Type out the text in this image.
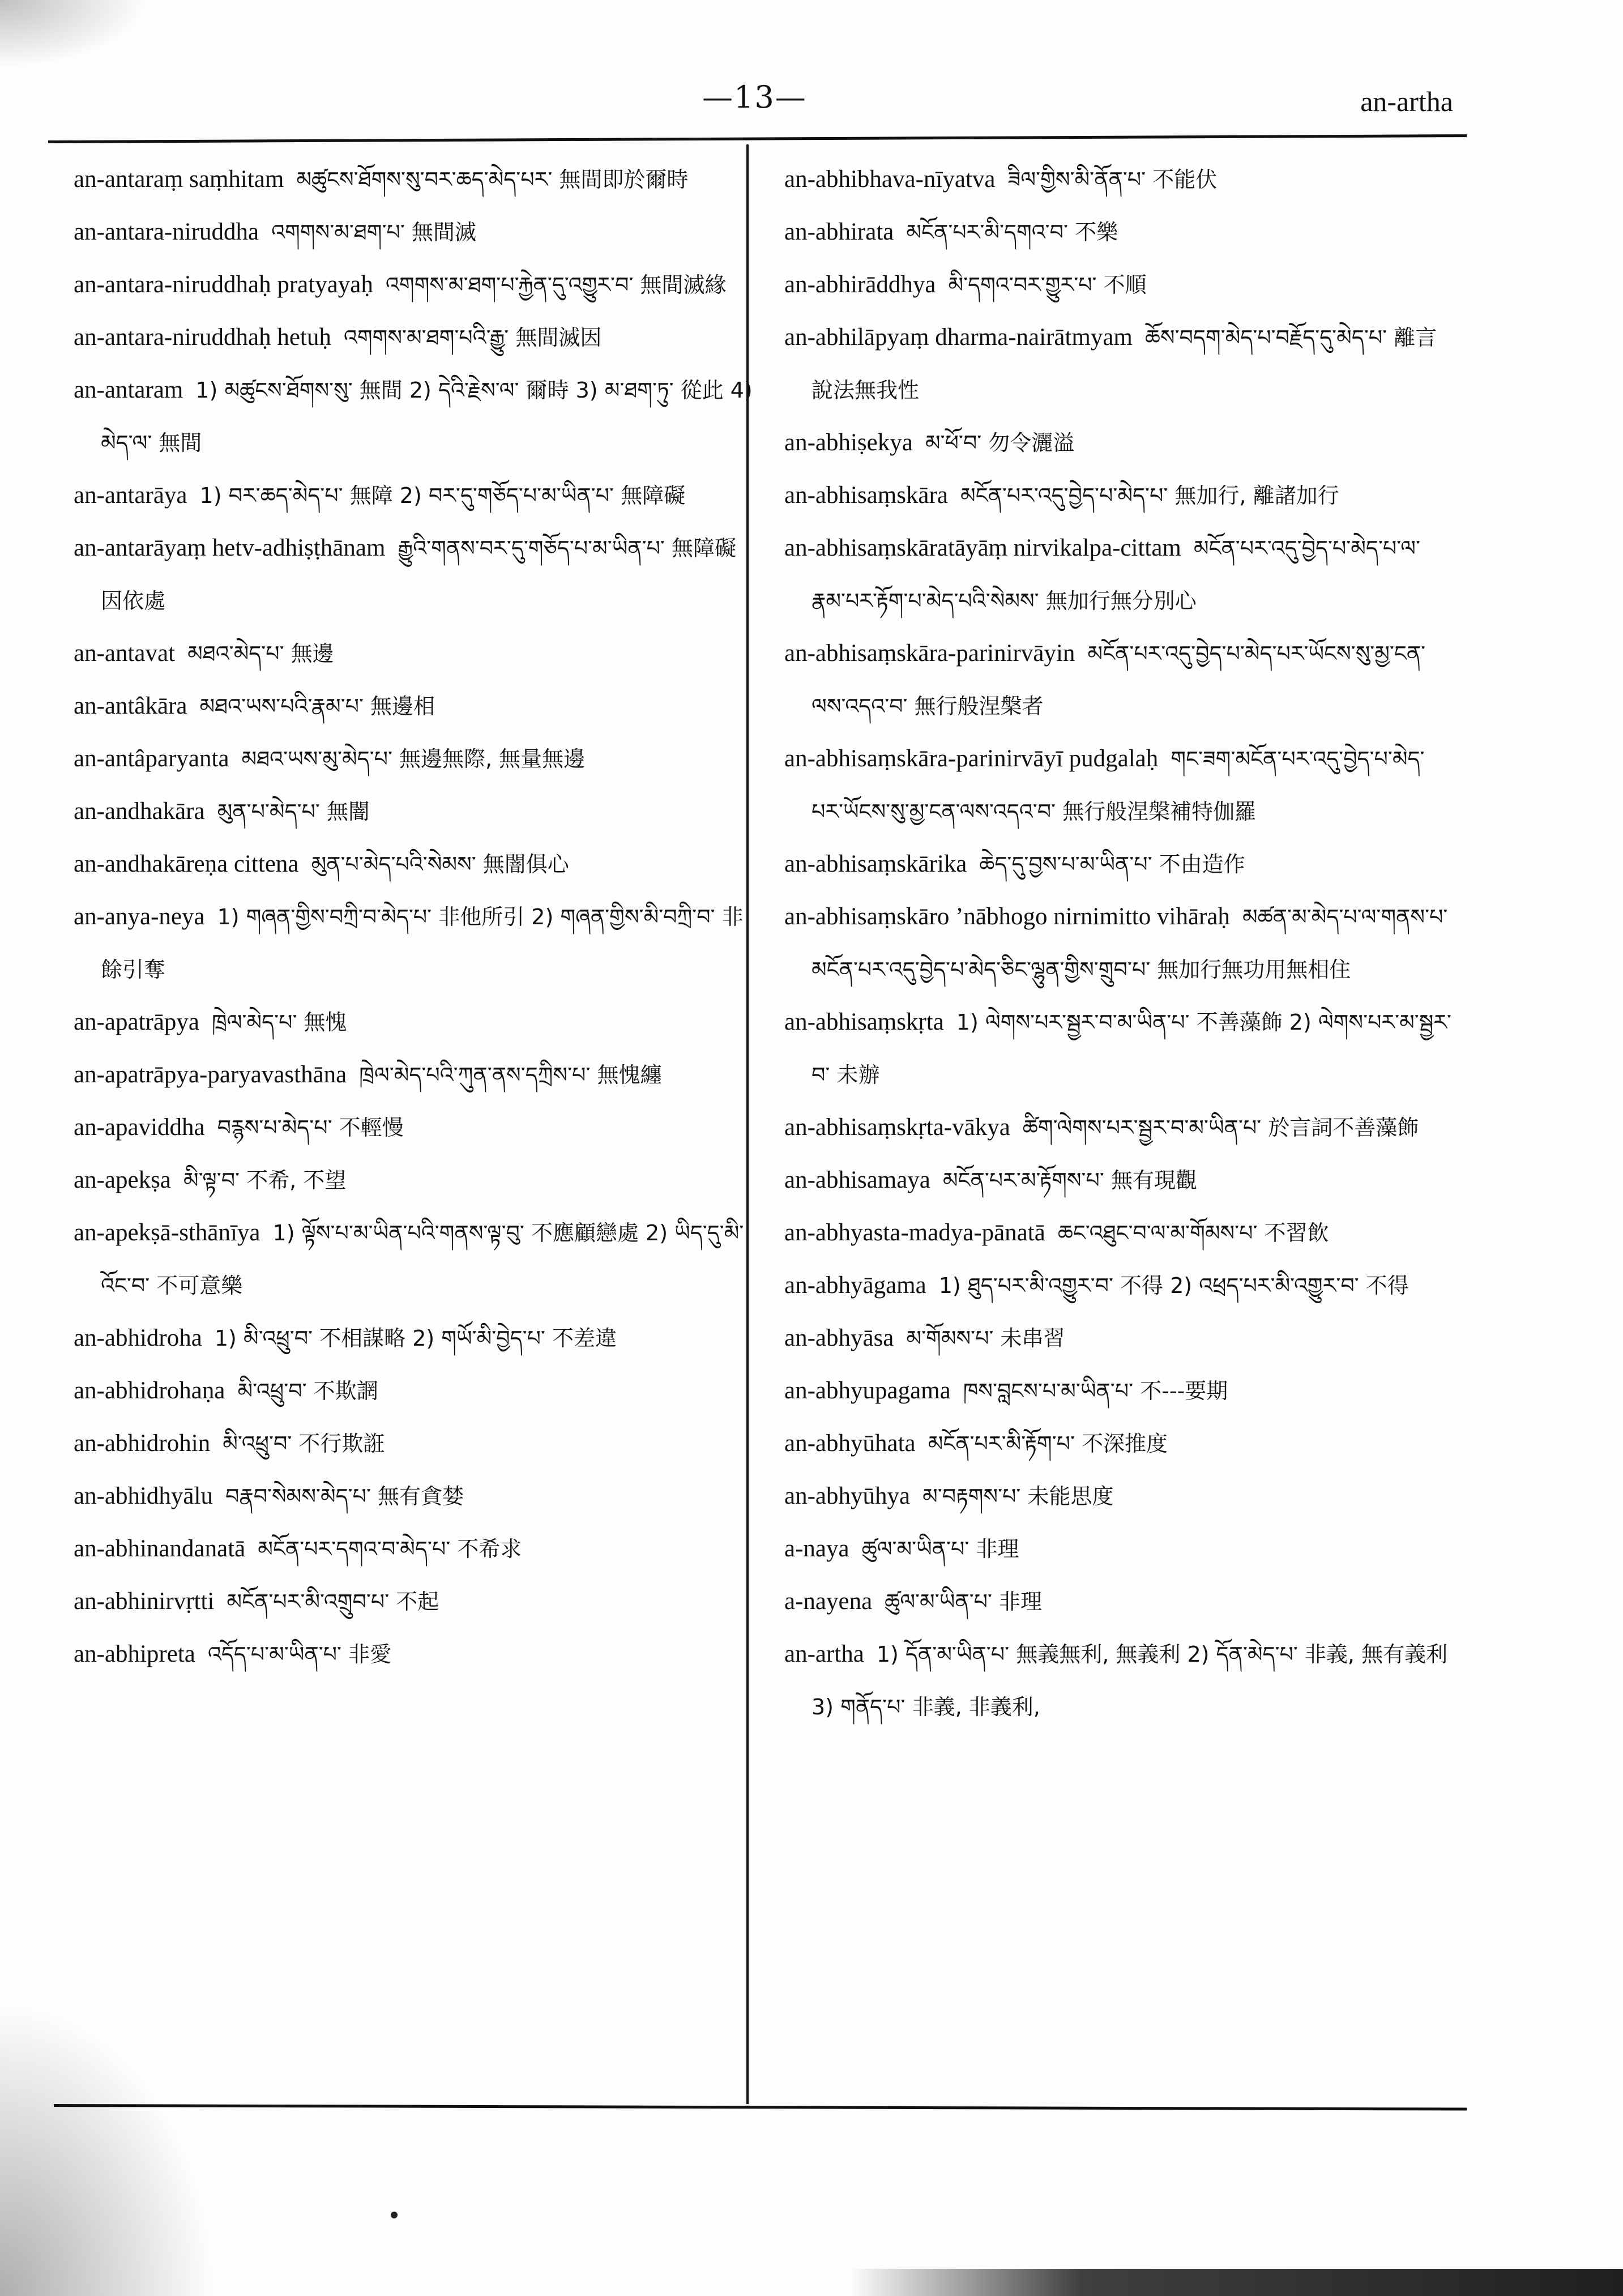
—13—	an-artha

an-antaraṃ saṃhitam མཚུངས་ཐོགས་སུ་བར་ཆད་མེད་པར་ 無間即於爾時

an-antara-niruddha འགགས་མ་ཐག་པ་ 無間滅

an-antara-niruddhaḥ pratyayaḥ འགགས་མ་ཐག་པ་རྐྱེན་དུ་འགྱུར་བ་ 無間滅緣

an-antara-niruddhaḥ hetuḥ འགགས་མ་ཐག་པའི་རྒྱུ་ 無間滅因

an-antaram 1) མཚུངས་ཐོགས་སུ་ 無間 2) དེའི་རྗེས་ལ་ 爾時 3) མ་ཐག་ཏུ་ 從此 4) མེད་ལ་ 無間

an-antarāya 1) བར་ཆད་མེད་པ་ 無障 2) བར་དུ་གཅོད་པ་མ་ཡིན་པ་ 無障礙

an-antarāyaṃ hetv-adhiṣṭhānam རྒྱུའི་གནས་བར་དུ་གཅོད་པ་མ་ཡིན་པ་ 無障礙因依處

an-antavat མཐའ་མེད་པ་ 無邊

an-antâkāra མཐའ་ཡས་པའི་རྣམ་པ་ 無邊相

an-antâparyanta མཐའ་ཡས་མུ་མེད་པ་ 無邊無際, 無量無邊

an-andhakāra མུན་པ་མེད་པ་ 無闇

an-andhakāreṇa cittena མུན་པ་མེད་པའི་སེམས་ 無闇俱心

an-anya-neya 1) གཞན་གྱིས་བཀྲི་བ་མེད་པ་ 非他所引 2) གཞན་གྱིས་མི་བཀྲི་བ་ 非餘引奪

an-apatrāpya ཁྲེལ་མེད་པ་ 無愧

an-apatrāpya-paryavasthāna ཁྲེལ་མེད་པའི་ཀུན་ནས་དཀྲིས་པ་ 無愧纏

an-apaviddha བརྙས་པ་མེད་པ་ 不輕慢

an-apekṣa མི་ལྟ་བ་ 不希, 不望

an-apekṣā-sthānīya 1) ལྟོས་པ་མ་ཡིན་པའི་གནས་ལྟ་བུ་ 不應顧戀處 2) ཡིད་དུ་མི་འོང་བ་ 不可意樂

an-abhidroha 1) མི་འཕྲུ་བ་ 不相謀略 2) གཡོ་མི་བྱེད་པ་ 不差違

an-abhidrohaṇa མི་འཕྲུ་བ་ 不欺誷

an-abhidrohin མི་འཕྲུ་བ་ 不行欺誑

an-abhidhyālu བརྣབ་སེམས་མེད་པ་ 無有貪婪

an-abhinandanatā མངོན་པར་དགའ་བ་མེད་པ་ 不希求

an-abhinirvṛtti མངོན་པར་མི་འགྲུབ་པ་ 不起

an-abhipreta འདོད་པ་མ་ཡིན་པ་ 非愛

an-abhibhava-nīyatva ཟིལ་གྱིས་མི་ནོན་པ་ 不能伏

an-abhirata མངོན་པར་མི་དགའ་བ་ 不樂

an-abhirāddhya མི་དགའ་བར་གྱུར་པ་ 不順

an-abhilāpyaṃ dharma-nairātmyam ཆོས་བདག་མེད་པ་བརྗོད་དུ་མེད་པ་ 離言說法無我性

an-abhiṣekya མ་ཕོ་བ་ 勿令灑溢

an-abhisaṃskāra མངོན་པར་འདུ་བྱེད་པ་མེད་པ་ 無加行, 離諸加行

an-abhisaṃskāratāyāṃ nirvikalpa-cittam མངོན་པར་འདུ་བྱེད་པ་མེད་པ་ལ་རྣམ་པར་རྟོག་པ་མེད་པའི་སེམས་ 無加行無分別心

an-abhisaṃskāra-parinirvāyin མངོན་པར་འདུ་བྱེད་པ་མེད་པར་ཡོངས་སུ་མྱ་ངན་ལས་འདའ་བ་ 無行般涅槃者

an-abhisaṃskāra-parinirvāyī pudgalaḥ གང་ཟག་མངོན་པར་འདུ་བྱེད་པ་མེད་པར་ཡོངས་སུ་མྱ་ངན་ལས་འདའ་བ་ 無行般涅槃補特伽羅

an-abhisaṃskārika ཆེད་དུ་བྱས་པ་མ་ཡིན་པ་ 不由造作

an-abhisaṃskāro ’nābhogo nirnimitto vihāraḥ མཚན་མ་མེད་པ་ལ་གནས་པ་མངོན་པར་འདུ་བྱེད་པ་མེད་ཅིང་ལྷུན་གྱིས་གྲུབ་པ་ 無加行無功用無相住

an-abhisaṃskṛta 1) ལེགས་པར་སྦྱར་བ་མ་ཡིན་པ་ 不善藻飾 2) ལེགས་པར་མ་སྦྱར་བ་ 未辦

an-abhisaṃskṛta-vākya ཚིག་ལེགས་པར་སྦྱར་བ་མ་ཡིན་པ་ 於言詞不善藻飾

an-abhisamaya མངོན་པར་མ་རྟོགས་པ་ 無有現觀

an-abhyasta-madya-pānatā ཆང་འཐུང་བ་ལ་མ་གོམས་པ་ 不習飲

an-abhyāgama 1) ཐུད་པར་མི་འགྱུར་བ་ 不得 2) འཕྲད་པར་མི་འགྱུར་བ་ 不得

an-abhyāsa མ་གོམས་པ་ 未串習

an-abhyupagama ཁས་བླངས་པ་མ་ཡིན་པ་ 不---要期

an-abhyūhata མངོན་པར་མི་རྟོག་པ་ 不深推度

an-abhyūhya མ་བརྟགས་པ་ 未能思度

a-naya ཚུལ་མ་ཡིན་པ་ 非理

a-nayena ཚུལ་མ་ཡིན་པ་ 非理

an-artha 1) དོན་མ་ཡིན་པ་ 無義無利, 無義利 2) དོན་མེད་པ་ 非義, 無有義利 3) གནོད་པ་ 非義, 非義利,
